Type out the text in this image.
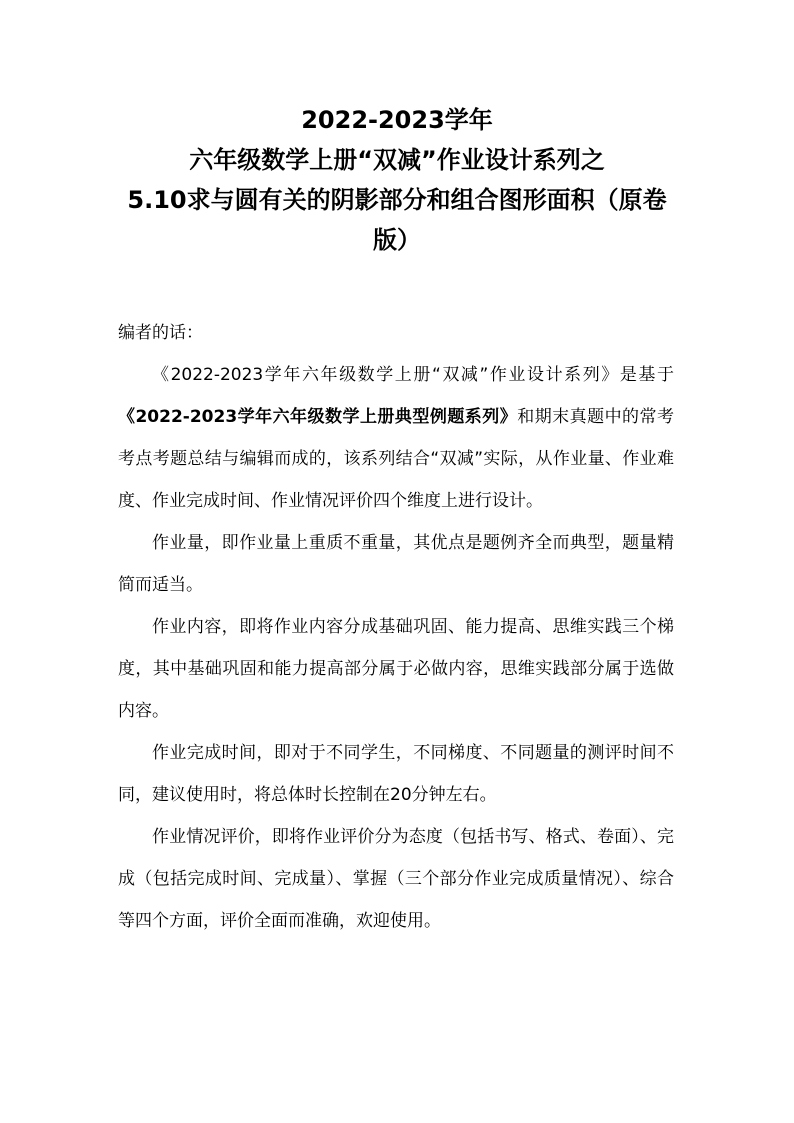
2022-2023学年
六年级数学上册“双减”作业设计系列之
5.10求与圆有关的阴影部分和组合图形面积（原卷版）

编者的话：

《2022-2023学年六年级数学上册“双减”作业设计系列》是基于《2022-2023学年六年级数学上册典型例题系列》和期末真题中的常考考点考题总结与编辑而成的，该系列结合“双减”实际，从作业量、作业难度、作业完成时间、作业情况评价四个维度上进行设计。

作业量，即作业量上重质不重量，其优点是题例齐全而典型，题量精简而适当。

作业内容，即将作业内容分成基础巩固、能力提高、思维实践三个梯度，其中基础巩固和能力提高部分属于必做内容，思维实践部分属于选做内容。

作业完成时间，即对于不同学生，不同梯度、不同题量的测评时间不同，建议使用时，将总体时长控制在20分钟左右。

作业情况评价，即将作业评价分为态度（包括书写、格式、卷面）、完成（包括完成时间、完成量）、掌握（三个部分作业完成质量情况）、综合等四个方面，评价全面而准确，欢迎使用。
